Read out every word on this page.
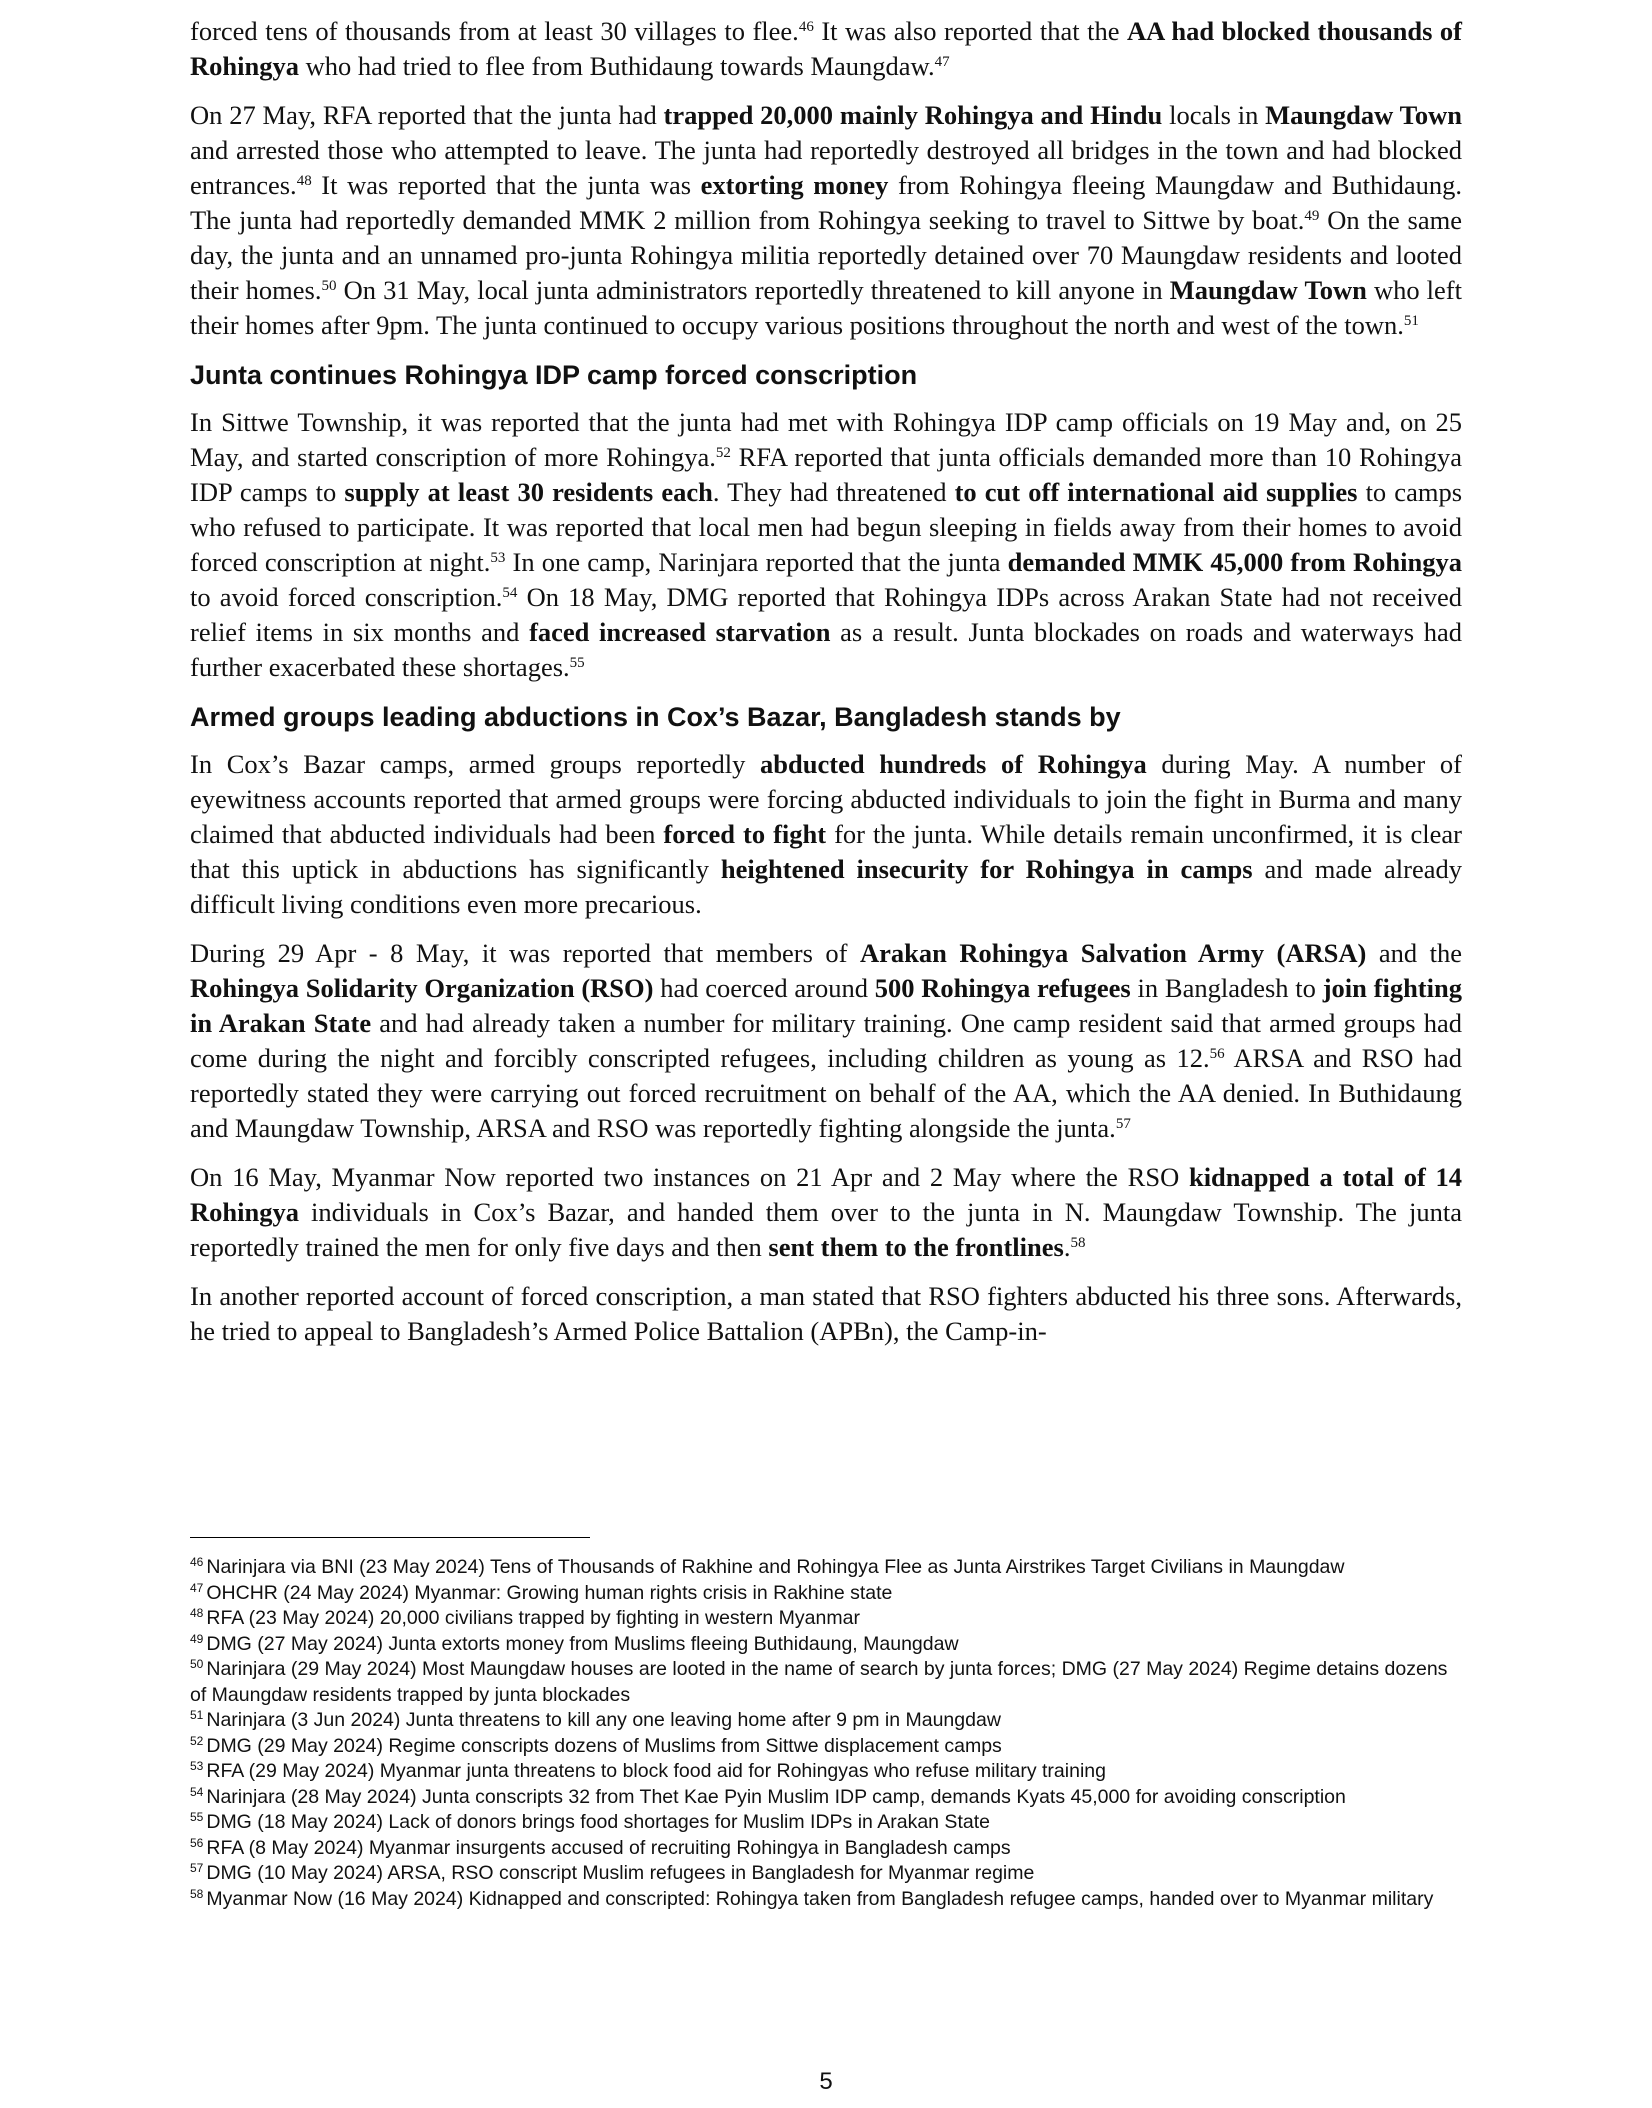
forced tens of thousands from at least 30 villages to flee.$^{46}$ It was also reported that the AA had blocked thousands of Rohingya who had tried to flee from Buthidaung towards Maungdaw.$^{47}$

On 27 May, RFA reported that the junta had trapped 20,000 mainly Rohingya and Hindu locals in Maungdaw Town and arrested those who attempted to leave. The junta had reportedly destroyed all bridges in the town and had blocked entrances.$^{48}$ It was reported that the junta was extorting money from Rohingya fleeing Maungdaw and Buthidaung. The junta had reportedly demanded MMK 2 million from Rohingya seeking to travel to Sittwe by boat.$^{49}$ On the same day, the junta and an unnamed pro-junta Rohingya militia reportedly detained over 70 Maungdaw residents and looted their homes.$^{50}$ On 31 May, local junta administrators reportedly threatened to kill anyone in Maungdaw Town who left their homes after 9pm. The junta continued to occupy various positions throughout the north and west of the town.$^{51}$

Junta continues Rohingya IDP camp forced conscription

In Sittwe Township, it was reported that the junta had met with Rohingya IDP camp officials on 19 May and, on 25 May, and started conscription of more Rohingya.$^{52}$ RFA reported that junta officials demanded more than 10 Rohingya IDP camps to supply at least 30 residents each. They had threatened to cut off international aid supplies to camps who refused to participate. It was reported that local men had begun sleeping in fields away from their homes to avoid forced conscription at night.$^{53}$ In one camp, Narinjara reported that the junta demanded MMK 45,000 from Rohingya to avoid forced conscription.$^{54}$ On 18 May, DMG reported that Rohingya IDPs across Arakan State had not received relief items in six months and faced increased starvation as a result. Junta blockades on roads and waterways had further exacerbated these shortages.$^{55}$

Armed groups leading abductions in Cox’s Bazar, Bangladesh stands by

In Cox’s Bazar camps, armed groups reportedly abducted hundreds of Rohingya during May. A number of eyewitness accounts reported that armed groups were forcing abducted individuals to join the fight in Burma and many claimed that abducted individuals had been forced to fight for the junta. While details remain unconfirmed, it is clear that this uptick in abductions has significantly heightened insecurity for Rohingya in camps and made already difficult living conditions even more precarious.

During 29 Apr - 8 May, it was reported that members of Arakan Rohingya Salvation Army (ARSA) and the Rohingya Solidarity Organization (RSO) had coerced around 500 Rohingya refugees in Bangladesh to join fighting in Arakan State and had already taken a number for military training. One camp resident said that armed groups had come during the night and forcibly conscripted refugees, including children as young as 12.56 ARSA and RSO had reportedly stated they were carrying out forced recruitment on behalf of the AA, which the AA denied. In Buthidaung and Maungdaw Township, ARSA and RSO was reportedly fighting alongside the junta.$^{57}$

On 16 May, Myanmar Now reported two instances on 21 Apr and 2 May where the RSO kidnapped a total of 14 Rohingya individuals in Cox’s Bazar, and handed them over to the junta in N. Maungdaw Township. The junta reportedly trained the men for only five days and then sent them to the frontlines.$^{58}$

In another reported account of forced conscription, a man stated that RSO fighters abducted his three sons. Afterwards, he tried to appeal to Bangladesh’s Armed Police Battalion (APBn), the Camp-in-

$^{46}$ Narinjara via BNI (23 May 2024) Tens of Thousands of Rakhine and Rohingya Flee as Junta Airstrikes Target Civilians in Maungdaw

$^{47}$ OHCHR (24 May 2024) Myanmar: Growing human rights crisis in Rakhine state

$^{48}$ RFA (23 May 2024) 20,000 civilians trapped by fighting in western Myanmar

$^{49}$ DMG (27 May 2024) Junta extorts money from Muslims fleeing Buthidaung, Maungdaw

$^{50}$ Narinjara (29 May 2024) Most Maungdaw houses are looted in the name of search by junta forces; DMG (27 May 2024) Regime detains dozens of Maungdaw residents trapped by junta blockades

$^{51}$ Narinjara (3 Jun 2024) Junta threatens to kill any one leaving home after 9 pm in Maungdaw

$^{52}$ DMG (29 May 2024) Regime conscripts dozens of Muslims from Sittwe displacement camps

$^{53}$ RFA (29 May 2024) Myanmar junta threatens to block food aid for Rohingyas who refuse military training

$^{54}$ Narinjara (28 May 2024) Junta conscripts 32 from Thet Kae Pyin Muslim IDP camp, demands Kyats 45,000 for avoiding conscription

$^{55}$ DMG (18 May 2024) Lack of donors brings food shortages for Muslim IDPs in Arakan State

$^{56}$ RFA (8 May 2024) Myanmar insurgents accused of recruiting Rohingya in Bangladesh camps

$^{57}$ DMG (10 May 2024) ARSA, RSO conscript Muslim refugees in Bangladesh for Myanmar regime

$^{58}$ Myanmar Now (16 May 2024) Kidnapped and conscripted: Rohingya taken from Bangladesh refugee camps, handed over to Myanmar military

5
